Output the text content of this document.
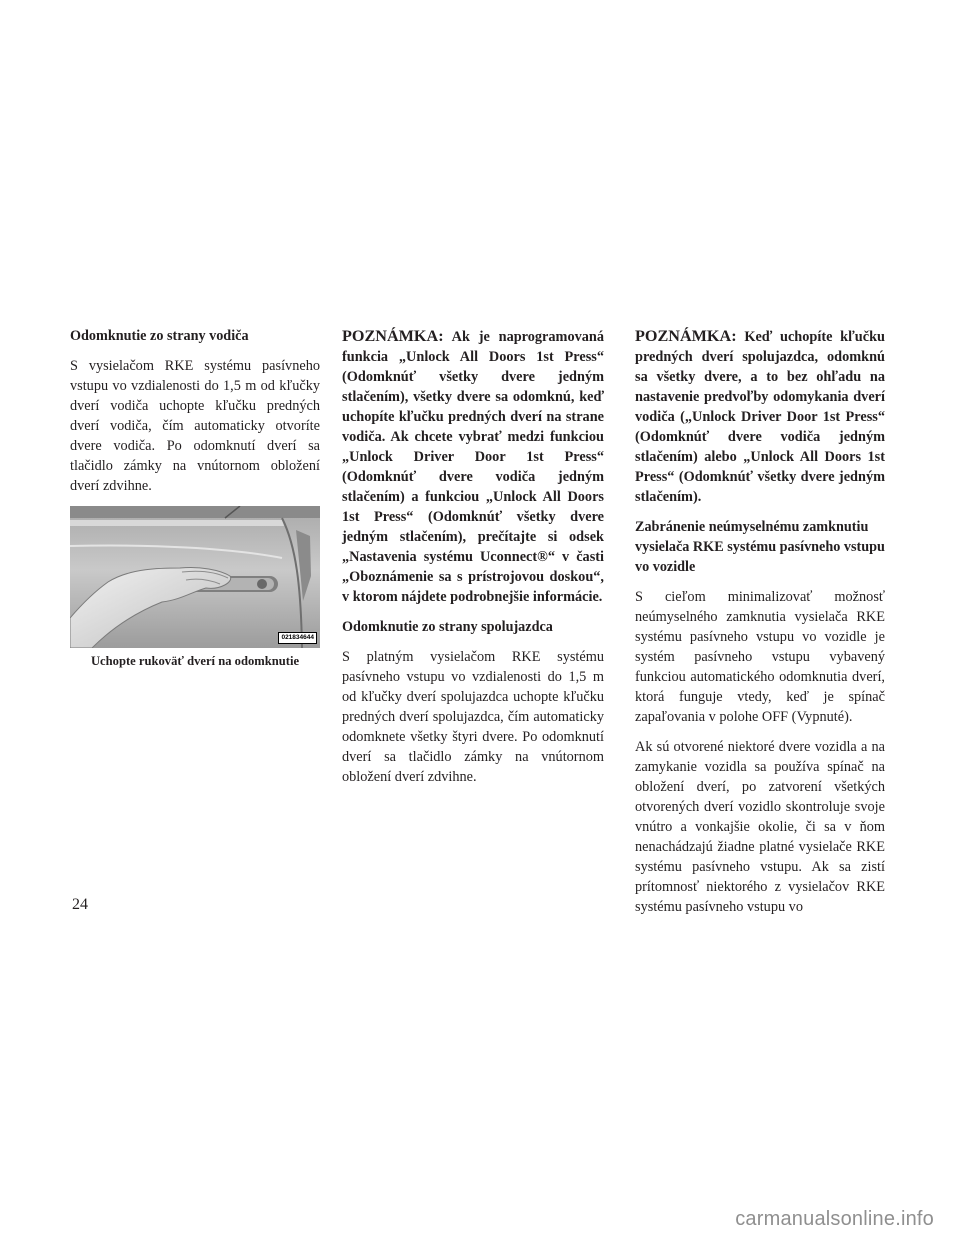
Odomknutie zo strany vodiča

S vysielačom RKE systému pasívneho vstupu vo vzdialenosti do 1,5 m od kľučky dverí vodiča uchopte kľučku predných dverí vodiča, čím automaticky otvoríte dvere vodiča. Po odomknutí dverí sa tlačidlo zámky na vnútornom obložení dverí zdvihne.

021834644
Uchopte rukoväť dverí na odomknutie

POZNÁMKA: Ak je naprogramovaná funkcia „Unlock All Doors 1st Press“ (Odomknúť všetky dvere jedným stlačením), všetky dvere sa odomknú, keď uchopíte kľučku predných dverí na strane vodiča. Ak chcete vybrať medzi funkciou „Unlock Driver Door 1st Press“ (Odomknúť dvere vodiča jedným stlačením) a funkciou „Unlock All Doors 1st Press“ (Odomknúť všetky dvere jedným stlačením), prečítajte si odsek „Nastavenia systému Uconnect®“ v časti „Oboznámenie sa s prístrojovou doskou“, v ktorom nájdete podrobnejšie informácie.

Odomknutie zo strany spolujazdca

S platným vysielačom RKE systému pasívneho vstupu vo vzdialenosti do 1,5 m od kľučky dverí spolujazdca uchopte kľučku predných dverí spolujazdca, čím automaticky odomknete všetky štyri dvere. Po odomknutí dverí sa tlačidlo zámky na vnútornom obložení dverí zdvihne.

POZNÁMKA: Keď uchopíte kľučku predných dverí spolujazdca, odomknú sa všetky dvere, a to bez ohľadu na nastavenie predvoľby odomykania dverí vodiča („Unlock Driver Door 1st Press“ (Odomknúť dvere vodiča jedným stlačením) alebo „Unlock All Doors 1st Press“ (Odomknúť všetky dvere jedným stlačením).

Zabránenie neúmyselnému zamknutiu vysielača RKE systému pasívneho vstupu vo vozidle

S cieľom minimalizovať možnosť neúmyselného zamknutia vysielača RKE systému pasívneho vstupu vo vozidle je systém pasívneho vstupu vybavený funkciou automatického odomknutia dverí, ktorá funguje vtedy, keď je spínač zapaľovania v polohe OFF (Vypnuté).

Ak sú otvorené niektoré dvere vozidla a na zamykanie vozidla sa používa spínač na obložení dverí, po zatvorení všetkých otvorených dverí vozidlo skontroluje svoje vnútro a vonkajšie okolie, či sa v ňom nenachádzajú žiadne platné vysielače RKE systému pasívneho vstupu. Ak sa zistí prítomnosť niektorého z vysielačov RKE systému pasívneho vstupu vo

24
carmanualsonline.info
